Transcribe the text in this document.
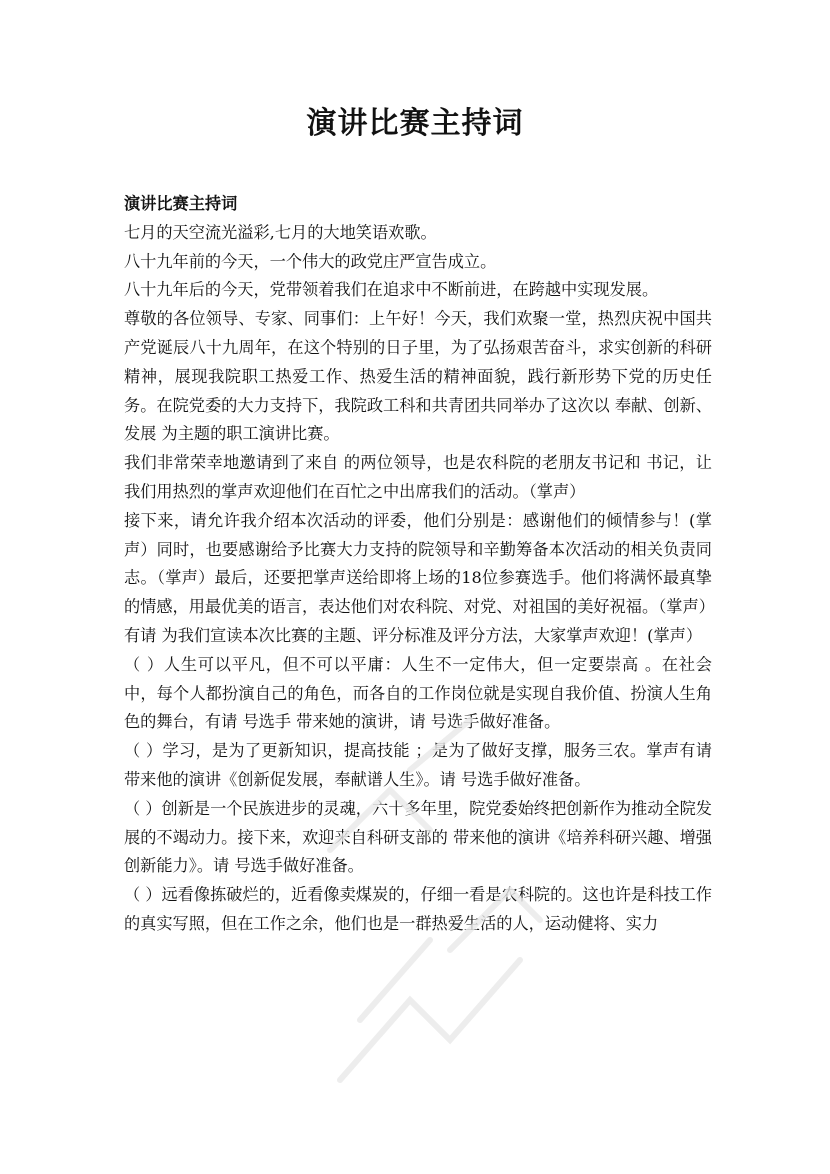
演讲比赛主持词

演讲比赛主持词

七月的天空流光溢彩,七月的大地笑语欢歌。

八十九年前的今天，一个伟大的政党庄严宣告成立。

八十九年后的今天，党带领着我们在追求中不断前进，在跨越中实现发展。

尊敬的各位领导、专家、同事们：上午好！今天，我们欢聚一堂，热烈庆祝中国共产党诞辰八十九周年，在这个特别的日子里，为了弘扬艰苦奋斗，求实创新的科研精神，展现我院职工热爱工作、热爱生活的精神面貌，践行新形势下党的历史任务。在院党委的大力支持下，我院政工科和共青团共同举办了这次以 奉献、创新、发展 为主题的职工演讲比赛。

我们非常荣幸地邀请到了来自 的两位领导，也是农科院的老朋友书记和 书记，让我们用热烈的掌声欢迎他们在百忙之中出席我们的活动。（掌声）

接下来，请允许我介绍本次活动的评委，他们分别是：感谢他们的倾情参与！(掌声）同时，也要感谢给予比赛大力支持的院领导和辛勤筹备本次活动的相关负责同志。（掌声）最后，还要把掌声送给即将上场的18位参赛选手。他们将满怀最真挚的情感，用最优美的语言，表达他们对农科院、对党、对祖国的美好祝福。（掌声）

有请 为我们宣读本次比赛的主题、评分标准及评分方法，大家掌声欢迎！(掌声）

（ ）人生可以平凡，但不可以平庸：人生不一定伟大，但一定要崇高 。在社会中，每个人都扮演自己的角色，而各自的工作岗位就是实现自我价值、扮演人生角色的舞台，有请 号选手 带来她的演讲，请 号选手做好准备。

（ ）学习，是为了更新知识，提高技能 ；是为了做好支撑，服务三农。掌声有请 带来他的演讲《创新促发展，奉献谱人生》。请 号选手做好准备。

（ ）创新是一个民族进步的灵魂，六十多年里，院党委始终把创新作为推动全院发展的不竭动力。接下来，欢迎来自科研支部的 带来他的演讲《培养科研兴趣、增强创新能力》。请 号选手做好准备。

（ ）远看像拣破烂的，近看像卖煤炭的，仔细一看是农科院的。这也许是科技工作的真实写照，但在工作之余，他们也是一群热爱生活的人，运动健将、实力
